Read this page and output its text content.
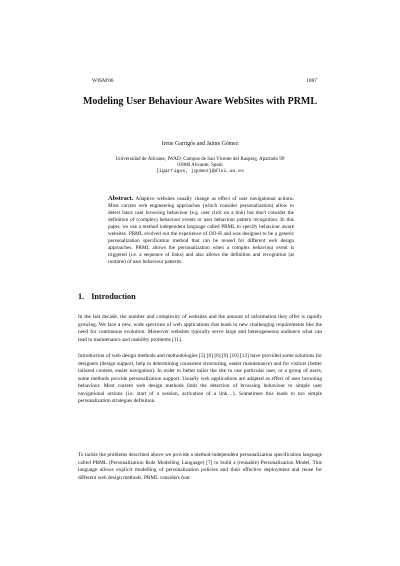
WISM'06	1087
Modeling User Behaviour Aware WebSites with PRML
Irene Garrigós and Jaime Gómez
Universidad de Alicante, IWAD, Campus de San Vicente del Raspeig, Apartado 99
03080 Alicante, Spain
{igarrigos, jgomez}@dlsi.ua.es
Abstract. Adaptive websites usually change as effect of user navigational actions. Most current web engineering approaches (which consider personalization) allow to detect basic user browsing behaviour (e.g. user click on a link) but don't consider the definition of (complex) behaviour events or user behaviour pattern recognition. In this paper, we use a method independent language called PRML to specify behaviour aware websites. PRML evolved out the experience of OO-H and was designed to be a generic personalization specification method that can be reused for different web design approaches. PRML allows the personalization when a complex behaviour event is triggered (i.e. a sequence of links) and also allows the definition and recognition (at runtime) of user behaviour patterns.
1. Introduction

In the last decade, the number and complexity of websites and the amount of information they offer is rapidly growing. We face a new, wide spectrum of web applications that leads to new challenging requirements like the need for continuous evolution. Moreover websites typically serve large and heterogeneous audience what can lead to maintenance and usability problems [11].

Introduction of web design methods and methodologies [5] [6] [8] [9] [10] [12] have provided some solutions for designers (design support, help in determining consistent structuring, easier maintenance) and for visitors (better tailored content, easier navigation). In order to better tailor the site to one particular user, or a group of users, some methods provide personalization support. Usually web applications are adapted as effect of user browsing behaviour. Most current web design methods limit the detection of browsing behaviour to simple user navigational actions (i.e. start of a session, activation of a link…). Sometimes this leads to too simple personalization strategies definition.

To tackle the problems described above we provide a method-independent personalization specification language called PRML (Personalization Rule Modelling Language) [7] to build a (reusable) Personalization Model. This language allows explicit modelling of personalization policies and their effective deployment and reuse for different web design methods. PRML considers four
